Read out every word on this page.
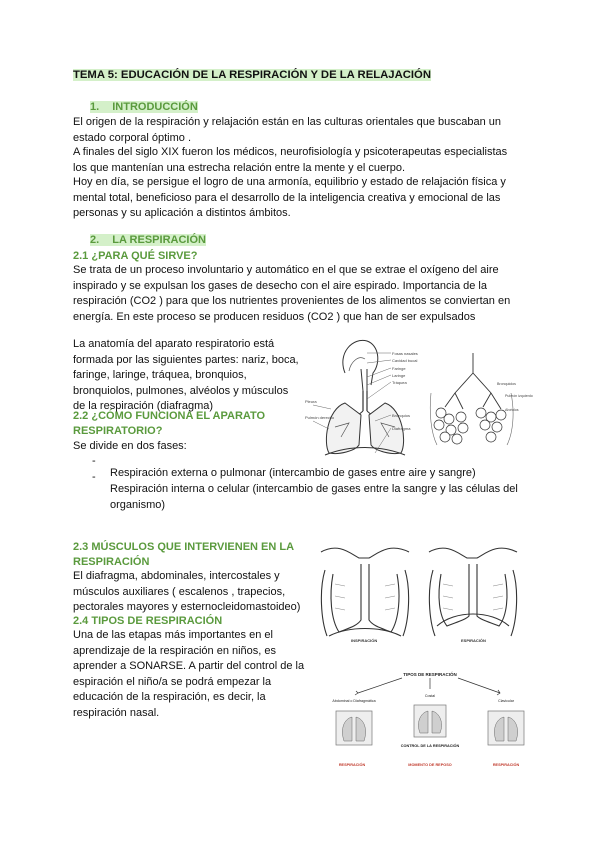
TEMA 5: EDUCACIÓN DE LA RESPIRACIÓN Y DE LA RELAJACIÓN
1. INTRODUCCIÓN

El origen de la respiración y relajación están en las culturas orientales que buscaban un estado corporal óptimo .

A finales del siglo XIX fueron los médicos, neurofisiología y psicoterapeutas especialistas los que mantenían una estrecha relación entre la mente y el cuerpo.

Hoy en día, se persigue el logro de una armonía, equilibrio y estado de relajación física y mental total, beneficioso para el desarrollo de la inteligencia creativa y emocional de las personas y su aplicación a distintos ámbitos.

2. LA RESPIRACIÓN
2.1 ¿PARA QUÉ SIRVE?

Se trata de un proceso involuntario y automático en el que se extrae el oxígeno del aire inspirado y se expulsan los gases de desecho con el aire espirado. Importancia de la respiración (CO2 ) para que los nutrientes provenientes de los alimentos se conviertan en energía. En este proceso se producen residuos (CO2 ) que han de ser expulsados

La anatomía del aparato respiratorio está formada por las siguientes partes: nariz, boca, faringe, laringe, tráquea, bronquios, bronquiolos, pulmones, alvéolos y músculos de la respiración (diafragma)

Fosas nasales
Cavidad bucal
Faringe
Laringe
Tráquea
Bronquios
Pleura
Pulmón derecho
Diafragma
Bronquiolos
Pulmón izquierdo
Alvéolos
2.2 ¿CÓMO FUNCIONA EL APARATO RESPIRATORIO?

Se divide en dos fases:

-

Respiración externa o pulmonar (intercambio de gases entre aire y sangre)

-

Respiración interna o celular (intercambio de gases entre la sangre y las células del organismo)

2.3 MÚSCULOS QUE INTERVIENEN EN LA RESPIRACIÓN

El diafragma, abdominales, intercostales y músculos auxiliares ( escalenos , trapecios, pectorales mayores y esternocleidomastoideo)

INSPIRACIÓN	ESPIRACIÓN
2.4 TIPOS DE RESPIRACIÓN

Una de las etapas más importantes en el aprendizaje de la respiración en niños, es aprender a SONARSE. A partir del control de la espiración el niño/a se podrá empezar la educación de la respiración, es decir, la respiración nasal.

TIPOS DE RESPIRACIÓN
Abdominal o Diafragmática
Costal
Clavicular
CONTROL DE LA RESPIRACIÓN
RESPIRACIÓN	MOMENTO DE REPOSO	RESPIRACIÓN
